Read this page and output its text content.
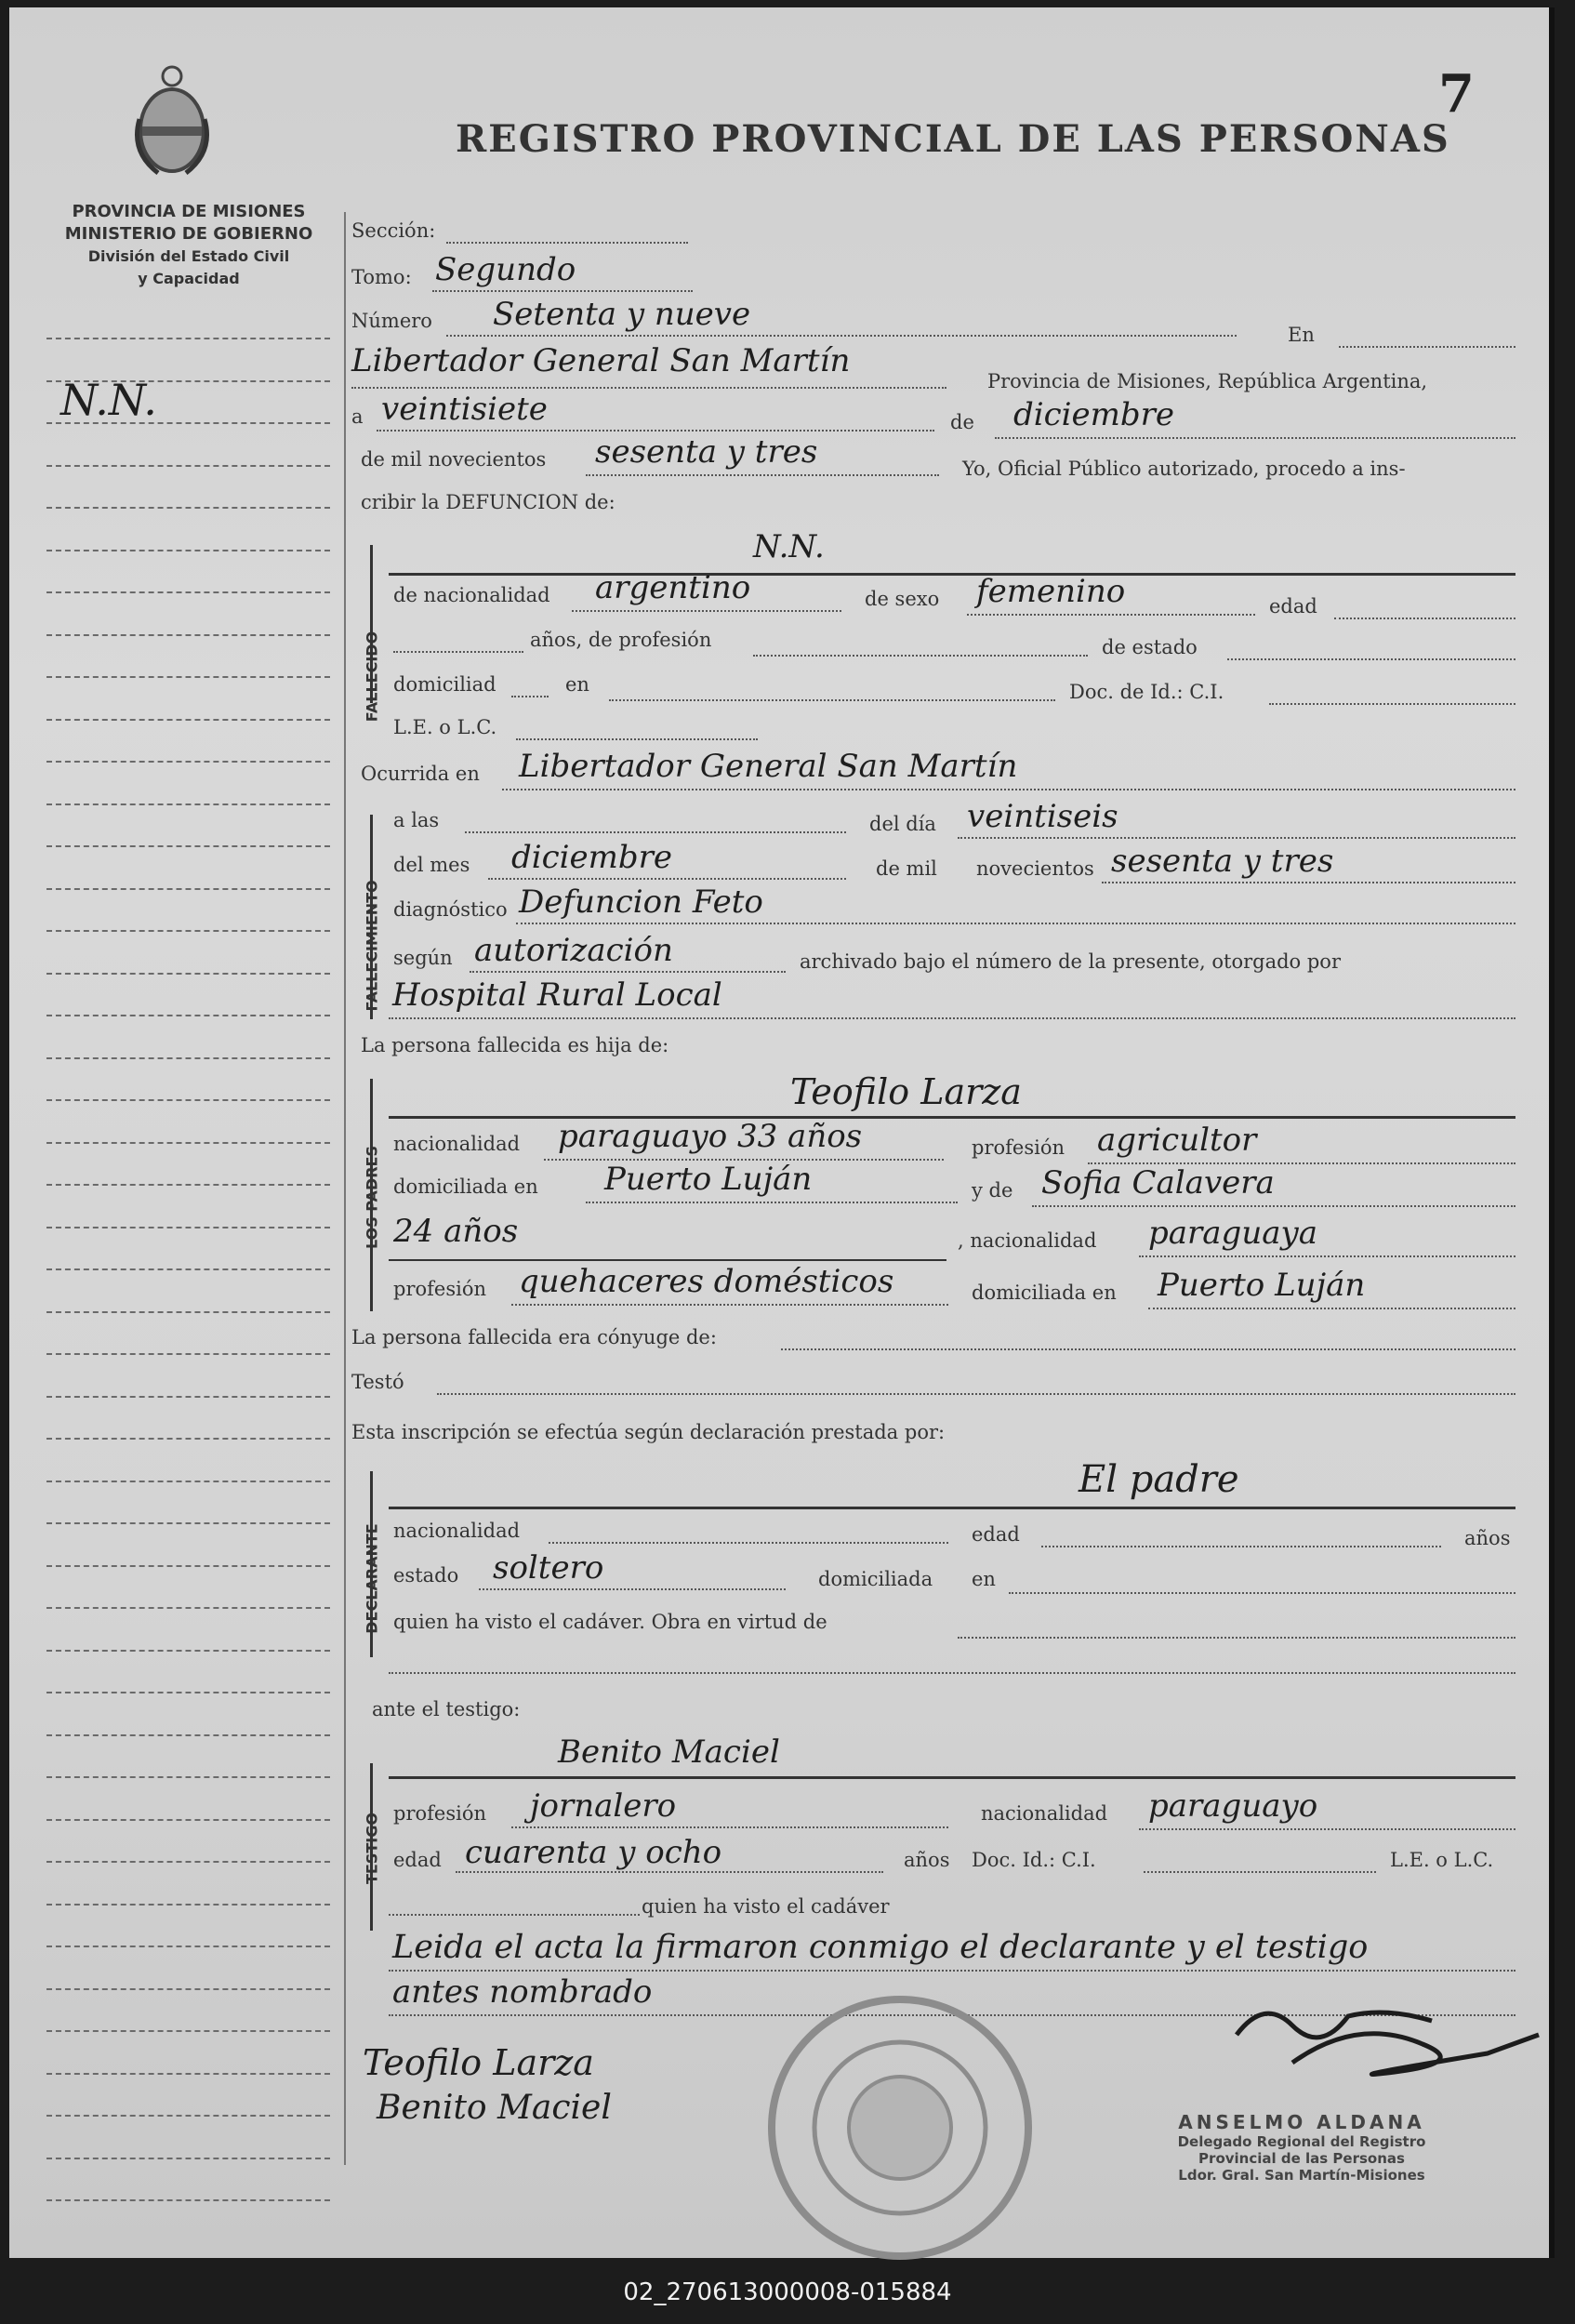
PROVINCIA DE MISIONES
MINISTERIO DE GOBIERNO
División del Estado Civil
y Capacidad
REGISTRO PROVINCIAL DE LAS PERSONAS
7
N.N.
Sección:
Tomo: Segundo
Número Setenta y nueve
En
Libertador General San Martín
Provincia de Misiones, República Argentina,
a veintisiete	de diciembre
de mil novecientos sesenta y tres	Yo, Oficial Público autorizado, procedo a ins-
cribir la DEFUNCION de:
FALLECIDO
N.N.
de nacionalidad argentino	de sexo femenino	edad
años, de profesión	de estado
domiciliad	en	Doc. de Id.: C.I.
L.E. o L.C.
Ocurrida en Libertador General San Martín
FALLECIMIENTO
a las	del día veintiseis
del mes diciembre	de mil novecientos sesenta y tres
diagnóstico Defuncion Feto
según autorización	archivado bajo el número de la presente, otorgado por
Hospital Rural Local
La persona fallecida es hija de:
LOS PADRES
Teofilo Larza
nacionalidad paraguayo 33 años	profesión agricultor
domiciliada en Puerto Luján	y de Sofia Calavera
24 años	, nacionalidad paraguaya
profesión quehaceres domésticos	domiciliada en Puerto Luján
La persona fallecida era cónyuge de:
Testó
Esta inscripción se efectúa según declaración prestada por:
DECLARANTE
El padre
nacionalidad	edad	años
estado soltero	domiciliada en
quien ha visto el cadáver. Obra en virtud de
ante el testigo:
TESTIGO
Benito Maciel
profesión jornalero	nacionalidad paraguayo
edad cuarenta y ocho	años Doc. Id.: C.I.	L.E. o L.C.
quien ha visto el cadáver
Leida el acta la firmaron conmigo el declarante y el testigo
antes nombrado
Teofilo Larza
Benito Maciel	ANSELMO ALDANA
Delegado Regional del Registro
Provincial de las Personas
Ldor. Gral. San Martín-Misiones
02_270613000008-015884
